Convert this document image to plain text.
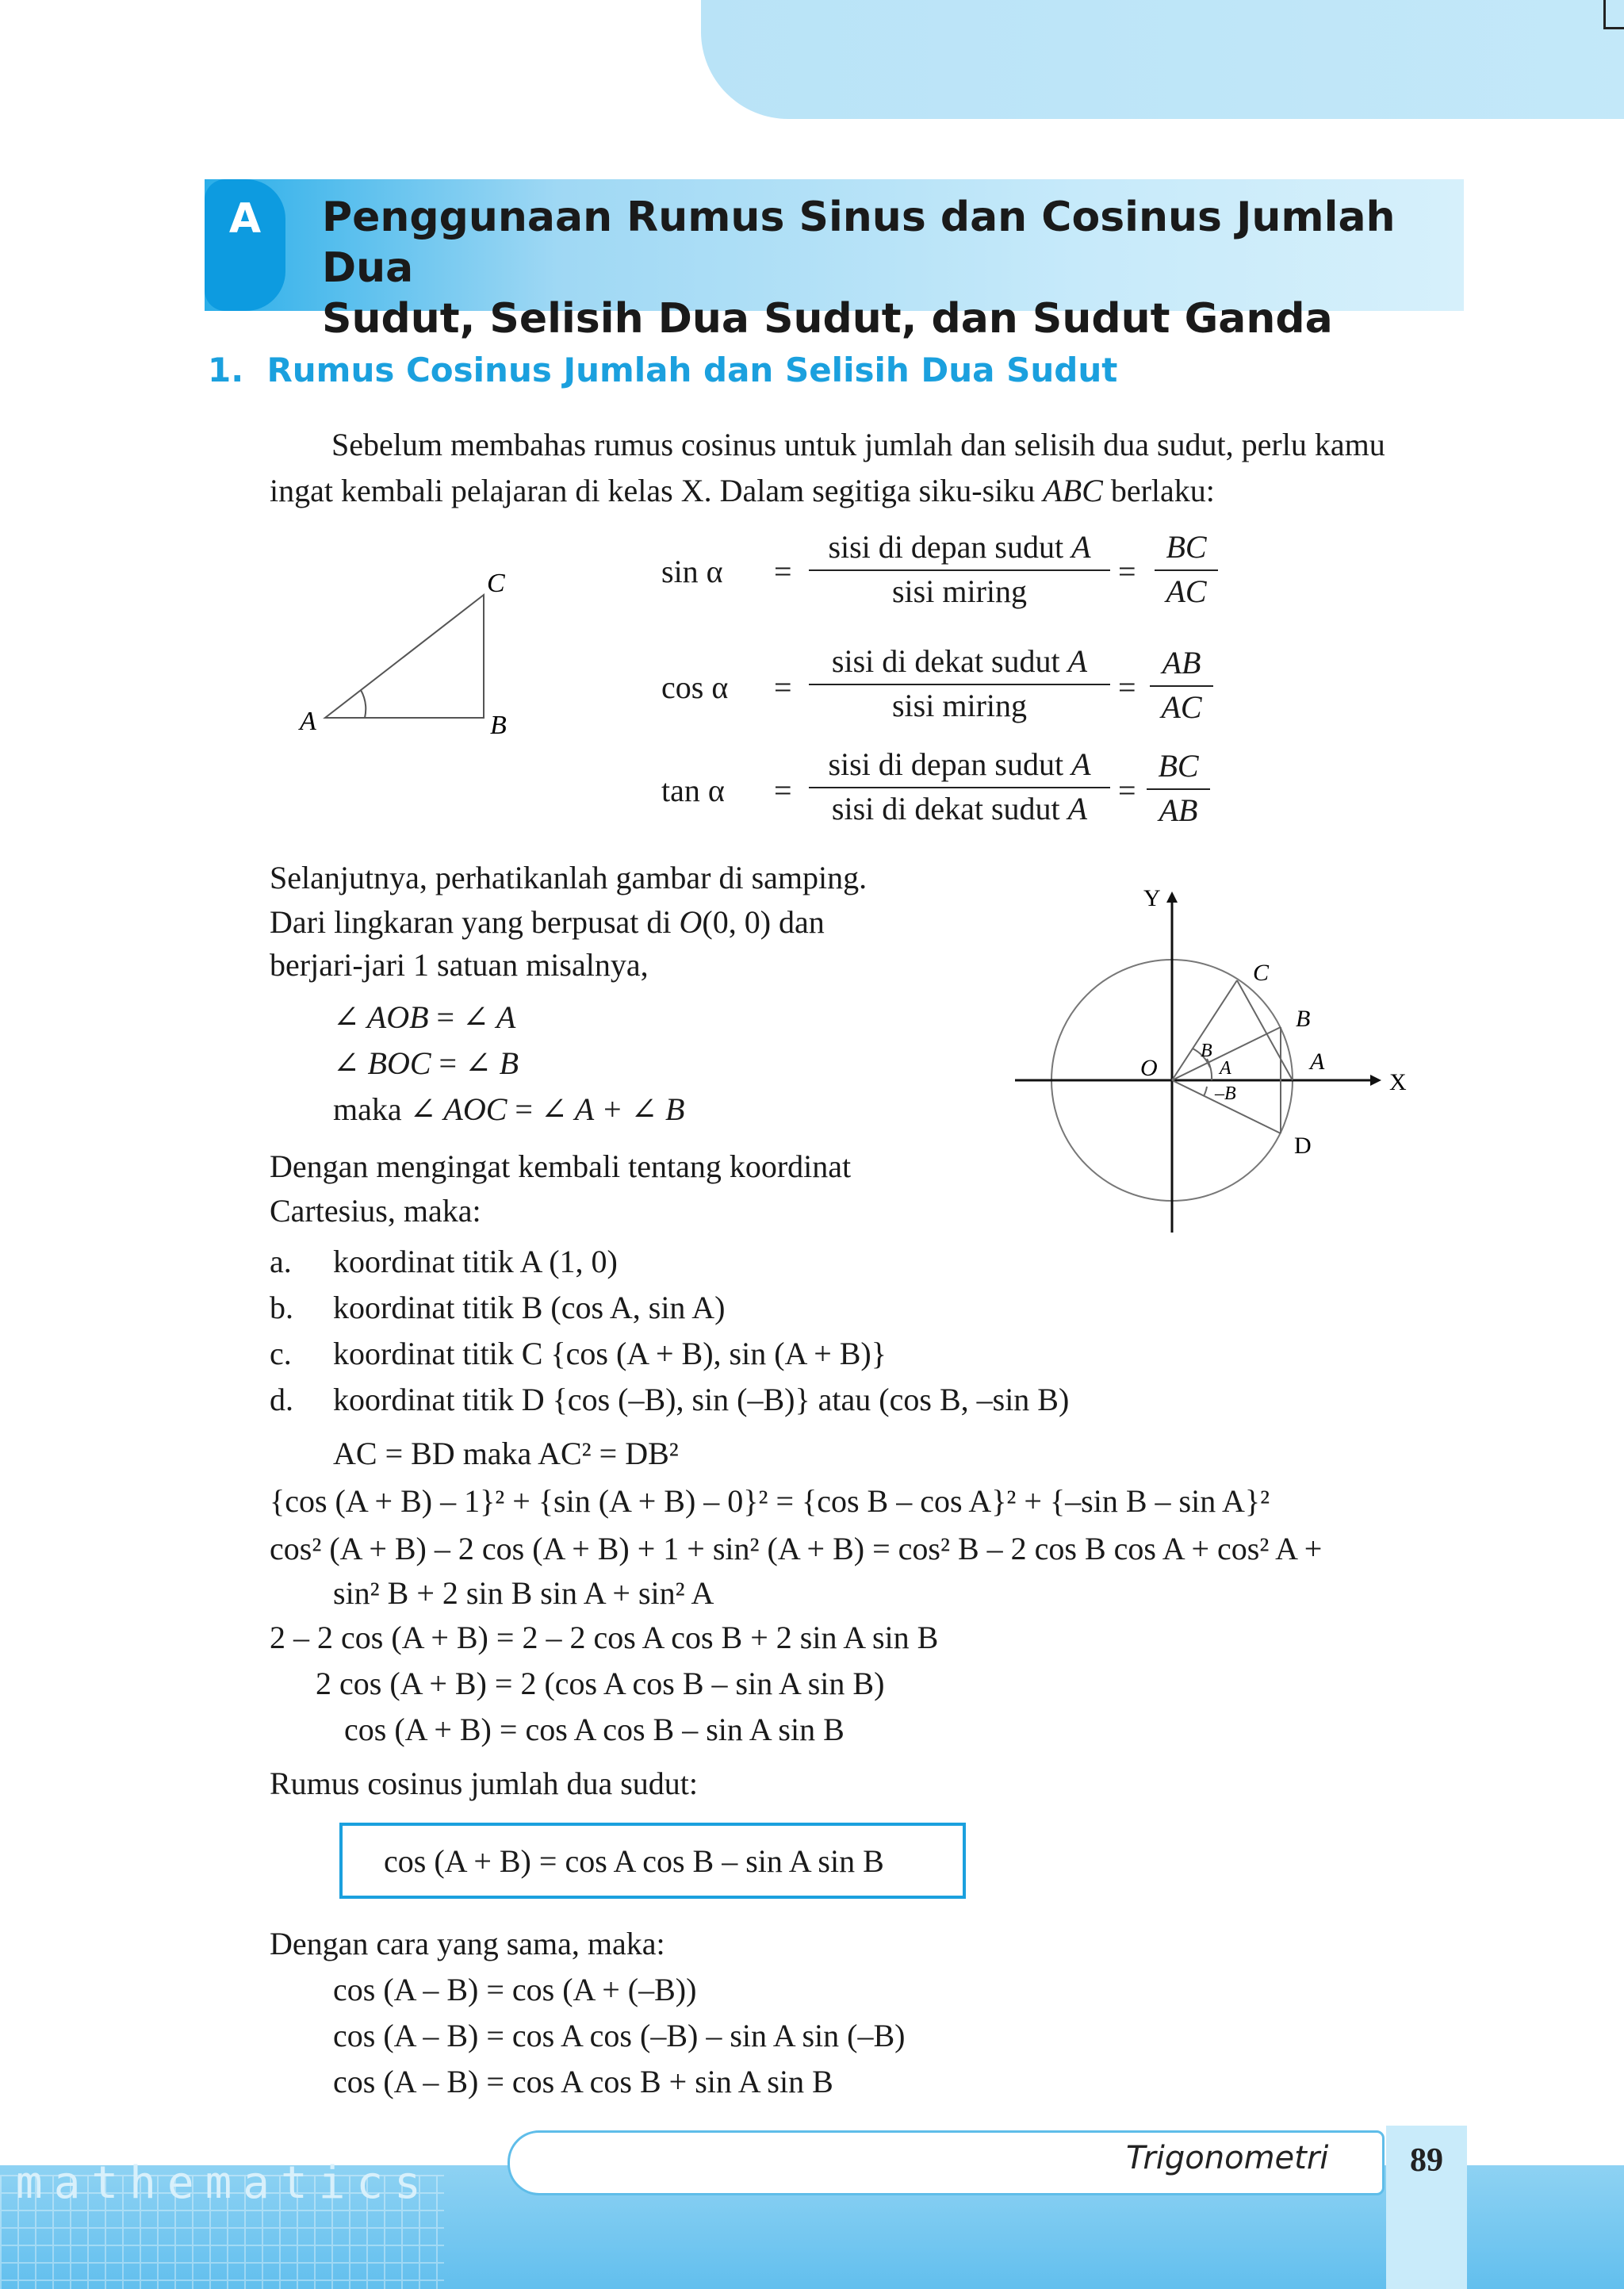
A	Penggunaan Rumus Sinus dan Cosinus Jumlah Dua
Sudut, Selisih Dua Sudut, dan Sudut Ganda
1. Rumus Cosinus Jumlah dan Selisih Dua Sudut
Sebelum membahas rumus cosinus untuk jumlah dan selisih dua sudut, perlu kamu
ingat kembali pelajaran di kelas X. Dalam segitiga siku-siku ABC berlaku:
A	B
C	sin α =
sisi di depan sudut A
sisi miring
=
BC
AC
cos α =
sisi di dekat sudut A
sisi miring
=
AB
AC
tan α =
sisi di depan sudut A
sisi di dekat sudut A
=
BC
AB
Selanjutnya, perhatikanlah gambar di samping.
Dari lingkaran yang berpusat di O(0, 0) dan
berjari-jari 1 satuan misalnya,
∠ AOB = ∠ A
∠ BOC = ∠ B
maka ∠ AOC = ∠ A + ∠ B
Dengan mengingat kembali tentang koordinat
Cartesius, maka:
Y
X
O
C
B
A
D
B
A
–B
a. koordinat titik A (1, 0)
b. koordinat titik B (cos A, sin A)
c. koordinat titik C {cos (A + B), sin (A + B)}
d. koordinat titik D {cos (–B), sin (–B)} atau (cos B, –sin B)
AC = BD maka AC² = DB²
{cos (A + B) – 1}² + {sin (A + B) – 0}² = {cos B – cos A}² + {–sin B – sin A}²
cos² (A + B) – 2 cos (A + B) + 1 + sin² (A + B) = cos² B – 2 cos B cos A + cos² A +
sin² B + 2 sin B sin A + sin² A
2 – 2 cos (A + B) = 2 – 2 cos A cos B + 2 sin A sin B
2 cos (A + B) = 2 (cos A cos B – sin A sin B)
cos (A + B) = cos A cos B – sin A sin B
Rumus cosinus jumlah dua sudut:
cos (A + B) = cos A cos B – sin A sin B
Dengan cara yang sama, maka:
cos (A – B) = cos (A + (–B))
cos (A – B) = cos A cos (–B) – sin A sin (–B)
cos (A – B) = cos A cos B + sin A sin B
mathematics	Trigonometri	89
